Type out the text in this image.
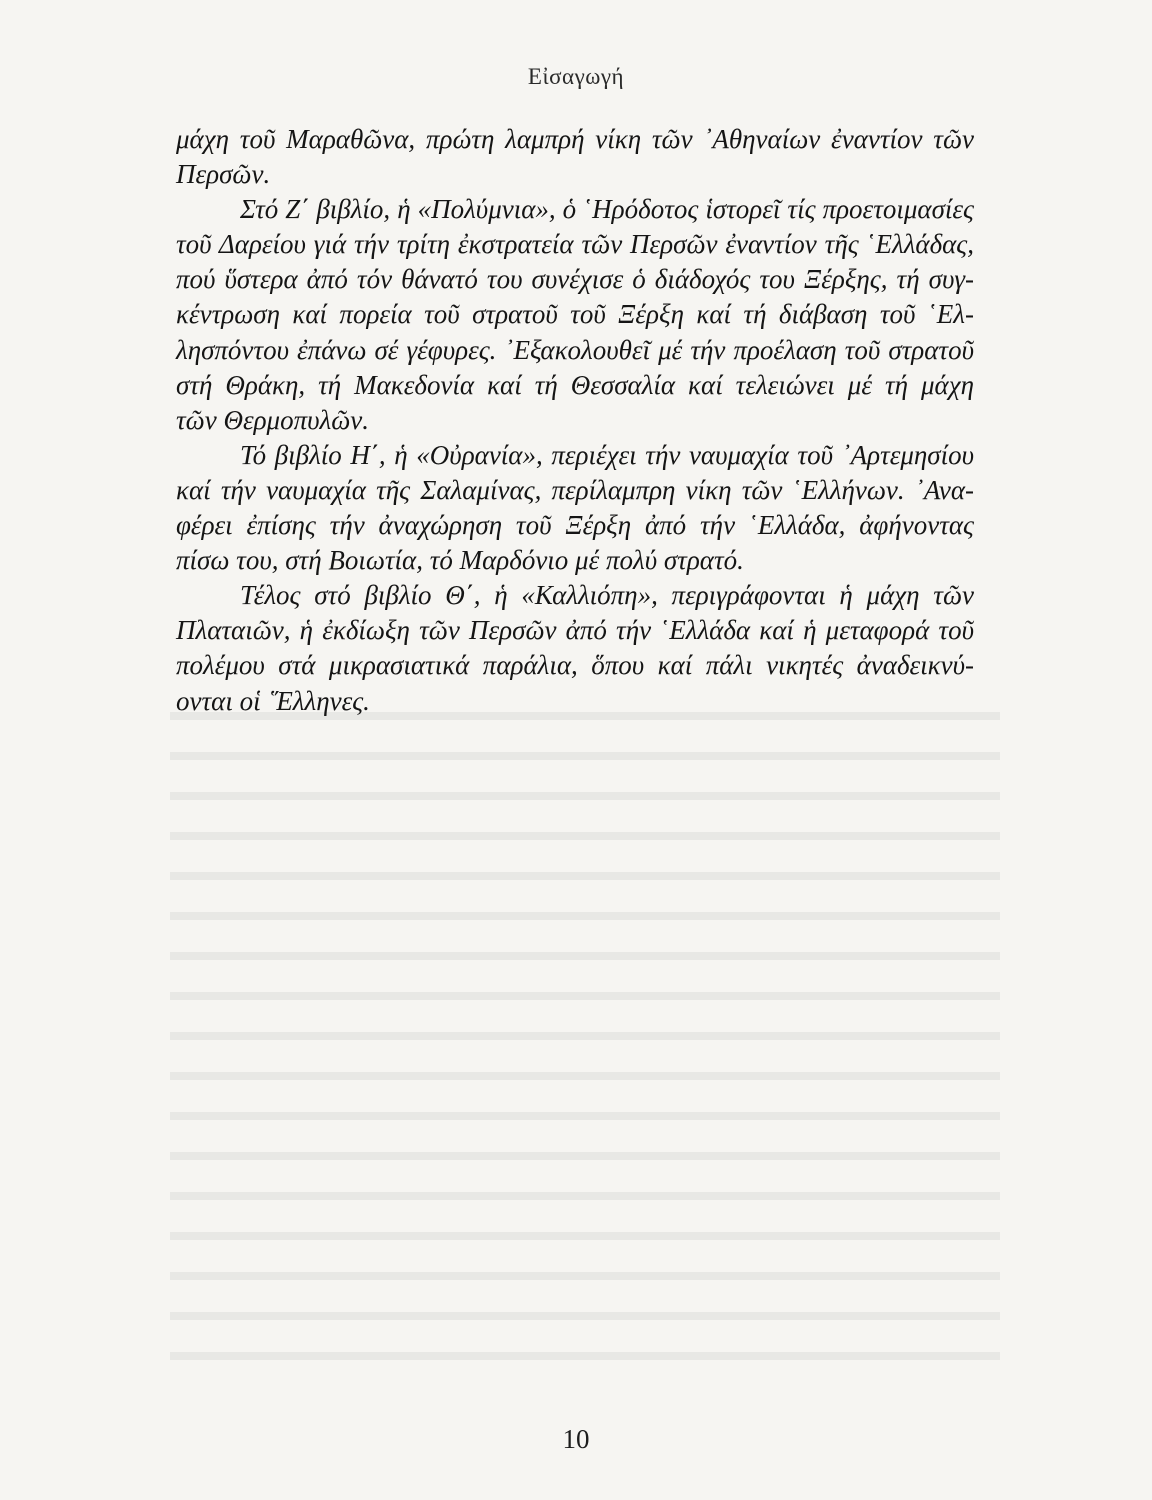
Εἰσαγωγή

μάχη τοῦ Μαραθῶνα, πρώτη λαμπρή νίκη τῶν ᾿Αθηναίων ἐναντίον τῶν
Περσῶν.

Στό Ζ΄ βιβλίο, ἡ «Πολύμνια», ὁ ῾Ηρόδοτος ἱστορεῖ τίς προετοιμασίες
τοῦ Δαρείου γιά τήν τρίτη ἐκστρατεία τῶν Περσῶν ἐναντίον τῆς ῾Ελλάδας,
πού ὕστερα ἀπό τόν θάνατό του συνέχισε ὁ διάδοχός του Ξέρξης, τή συγ-
κέντρωση καί πορεία τοῦ στρατοῦ τοῦ Ξέρξη καί τή διάβαση τοῦ ῾Ελ-
λησπόντου ἐπάνω σέ γέφυρες. ᾿Εξακολουθεῖ μέ τήν προέλαση τοῦ στρατοῦ
στή Θράκη, τή Μακεδονία καί τή Θεσσαλία καί τελειώνει μέ τή μάχη
τῶν Θερμοπυλῶν.

Τό βιβλίο Η΄, ἡ «Οὐρανία», περιέχει τήν ναυμαχία τοῦ ᾿Αρτεμησίου
καί τήν ναυμαχία τῆς Σαλαμίνας, περίλαμπρη νίκη τῶν ῾Ελλήνων. ᾿Ανα-
φέρει ἐπίσης τήν ἀναχώρηση τοῦ Ξέρξη ἀπό τήν ῾Ελλάδα, ἀφήνοντας
πίσω του, στή Βοιωτία, τό Μαρδόνιο μέ πολύ στρατό.

Τέλος στό βιβλίο Θ΄, ἡ «Καλλιόπη», περιγράφονται ἡ μάχη τῶν
Πλαταιῶν, ἡ ἐκδίωξη τῶν Περσῶν ἀπό τήν ῾Ελλάδα καί ἡ μεταφορά τοῦ
πολέμου στά μικρασιατικά παράλια, ὅπου καί πάλι νικητές ἀναδεικνύ-
ονται οἱ ῞Ελληνες.

10
